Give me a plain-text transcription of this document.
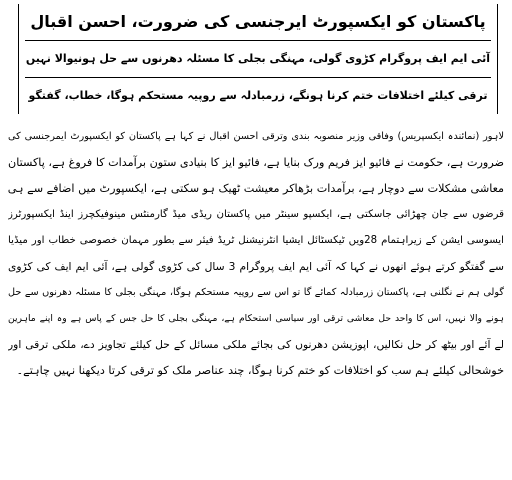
پاکستان کو ایکسپورٹ ایرجنسی کی ضرورت، احسن اقبال
آئی ایم ایف پروگرام کڑوی گولی، مہنگی بجلی کا مسئلہ دھرنوں سے حل ہونیوالا نہیں
ترقی کیلئے اختلافات ختم کرنا ہونگے، زرمبادلہ سے روپیہ مستحکم ہوگا، خطاب، گفتگو
لاہور (نمائندہ ایکسپریس) وفاقی وزیر منصوبہ بندی وترقی احسن اقبال نے کہا ہے پاکستان کو ایکسپورٹ ایمرجنسی کی
ضرورت ہے، حکومت نے فائیو ایز فریم ورک بنایا ہے، فائیو ایز کا بنیادی ستون برآمدات کا فروغ ہے، پاکستان
معاشی مشکلات سے دوچار ہے، برآمدات بڑھاکر معیشت ٹھیک ہو سکتی ہے، ایکسپورٹ میں اضافے سے ہی
قرضوں سے جان چھڑائی جاسکتی ہے، ایکسپو سینٹر میں پاکستان ریڈی میڈ گارمنٹس مینوفیکچرز اینڈ ایکسپورٹرز
ایسوسی ایشن کے زیراہتمام 28ویں ٹیکسٹائل ایشیا انٹرنیشنل ٹریڈ فیئر سے بطور مہمان خصوصی خطاب اور میڈیا
سے گفتگو کرتے ہوئے انھوں نے کہا کہ آئی ایم ایف پروگرام 3 سال کی کڑوی گولی ہے، آئی ایم ایف کی کڑوی
گولی ہم نے نگلنی ہے، پاکستان زرمبادلہ کمائے گا تو اس سے روپیہ مستحکم ہوگا، مہنگی بجلی کا مسئلہ دھرنوں سے حل
ہونے والا نہیں، اس کا واحد حل معاشی ترقی اور سیاسی استحکام ہے، مہنگی بجلی کا حل جس کے پاس ہے وہ اپنے ماہرین
لے آئے اور بیٹھ کر حل نکالیں، اپوزیشن دھرنوں کی بجائے ملکی مسائل کے حل کیلئے تجاویز دے، ملکی ترقی اور
خوشحالی کیلئے ہم سب کو اختلافات کو ختم کرنا ہوگا، چند عناصر ملک کو ترقی کرتا دیکھنا نہیں چاہتے۔
